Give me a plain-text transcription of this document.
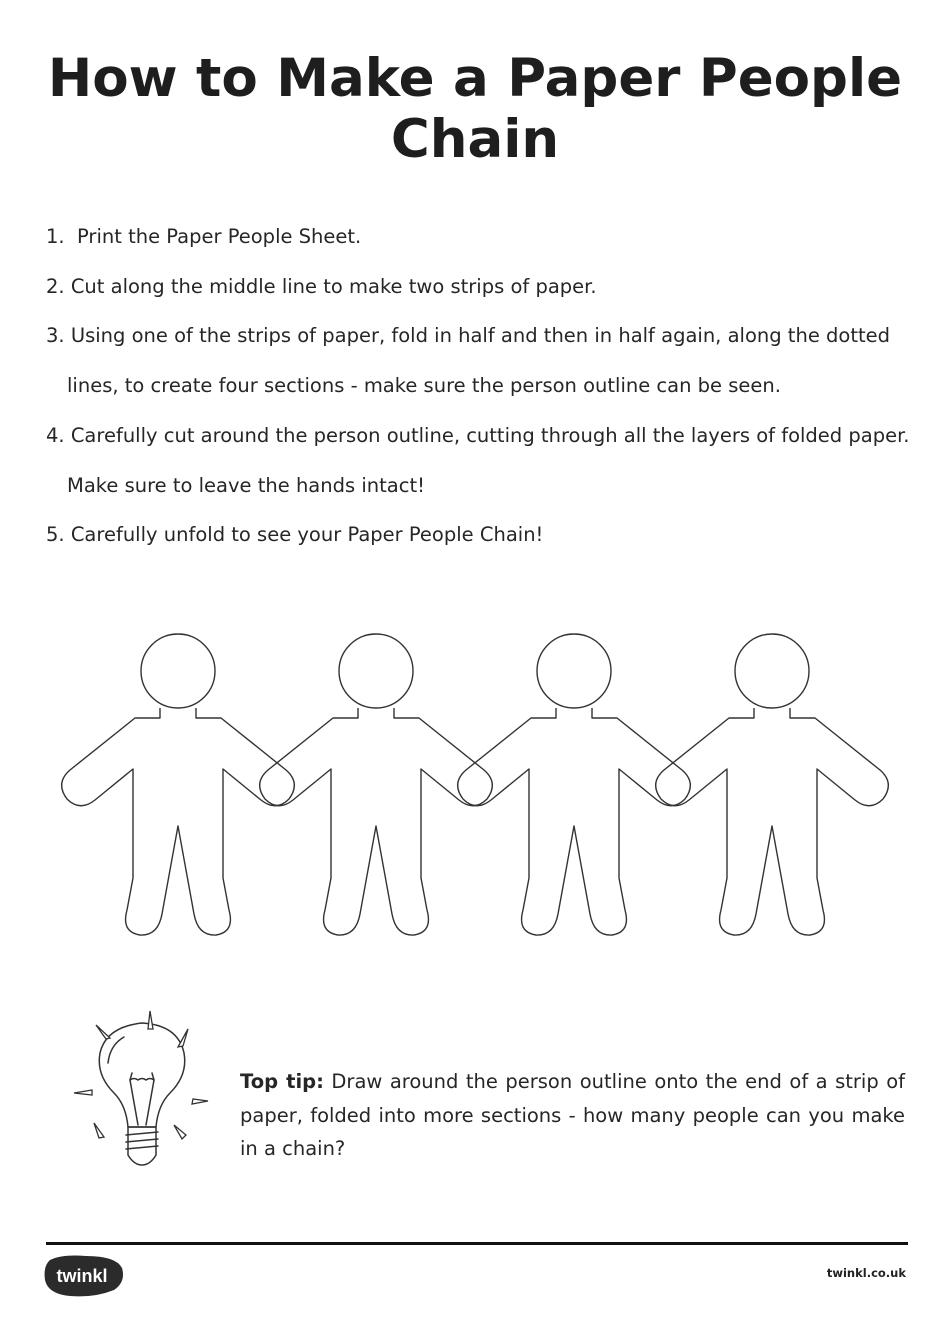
How to Make a Paper People Chain
1. Print the Paper People Sheet.
2. Cut along the middle line to make two strips of paper.
3. Using one of the strips of paper, fold in half and then in half again, along the dotted
lines, to create four sections - make sure the person outline can be seen.
4. Carefully cut around the person outline, cutting through all the layers of folded paper.
Make sure to leave the hands intact!
5. Carefully unfold to see your Paper People Chain!

Top tip: Draw around the person outline onto the end of a strip of paper, folded into more sections - how many people can you make in a chain?

twinkl	twinkl.co.uk
